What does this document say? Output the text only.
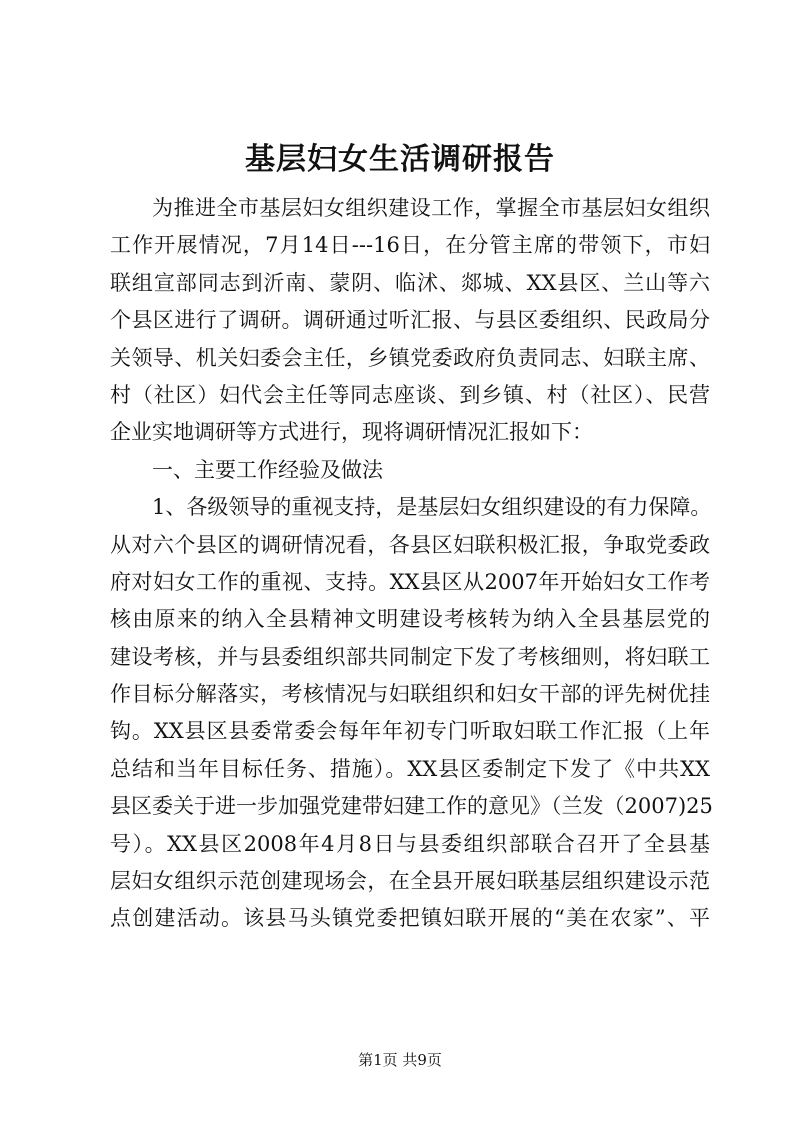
基层妇女生活调研报告
为推进全市基层妇女组织建设工作，掌握全市基层妇女组织
工作开展情况，7月14日---16日，在分管主席的带领下，市妇
联组宣部同志到沂南、蒙阴、临沭、郯城、XX县区、兰山等六
个县区进行了调研。调研通过听汇报、与县区委组织、民政局分
关领导、机关妇委会主任，乡镇党委政府负责同志、妇联主席、
村（社区）妇代会主任等同志座谈、到乡镇、村（社区）、民营
企业实地调研等方式进行，现将调研情况汇报如下：
一、主要工作经验及做法
1、各级领导的重视支持，是基层妇女组织建设的有力保障。
从对六个县区的调研情况看，各县区妇联积极汇报，争取党委政
府对妇女工作的重视、支持。XX县区从2007年开始妇女工作考
核由原来的纳入全县精神文明建设考核转为纳入全县基层党的
建设考核，并与县委组织部共同制定下发了考核细则，将妇联工
作目标分解落实，考核情况与妇联组织和妇女干部的评先树优挂
钩。XX县区县委常委会每年年初专门听取妇联工作汇报（上年
总结和当年目标任务、措施）。XX县区委制定下发了《中共XX
县区委关于进一步加强党建带妇建工作的意见》（兰发（2007)25
号）。XX县区2008年4月8日与县委组织部联合召开了全县基
层妇女组织示范创建现场会，在全县开展妇联基层组织建设示范
点创建活动。该县马头镇党委把镇妇联开展的“美在农家”、平
第1页 共9页
